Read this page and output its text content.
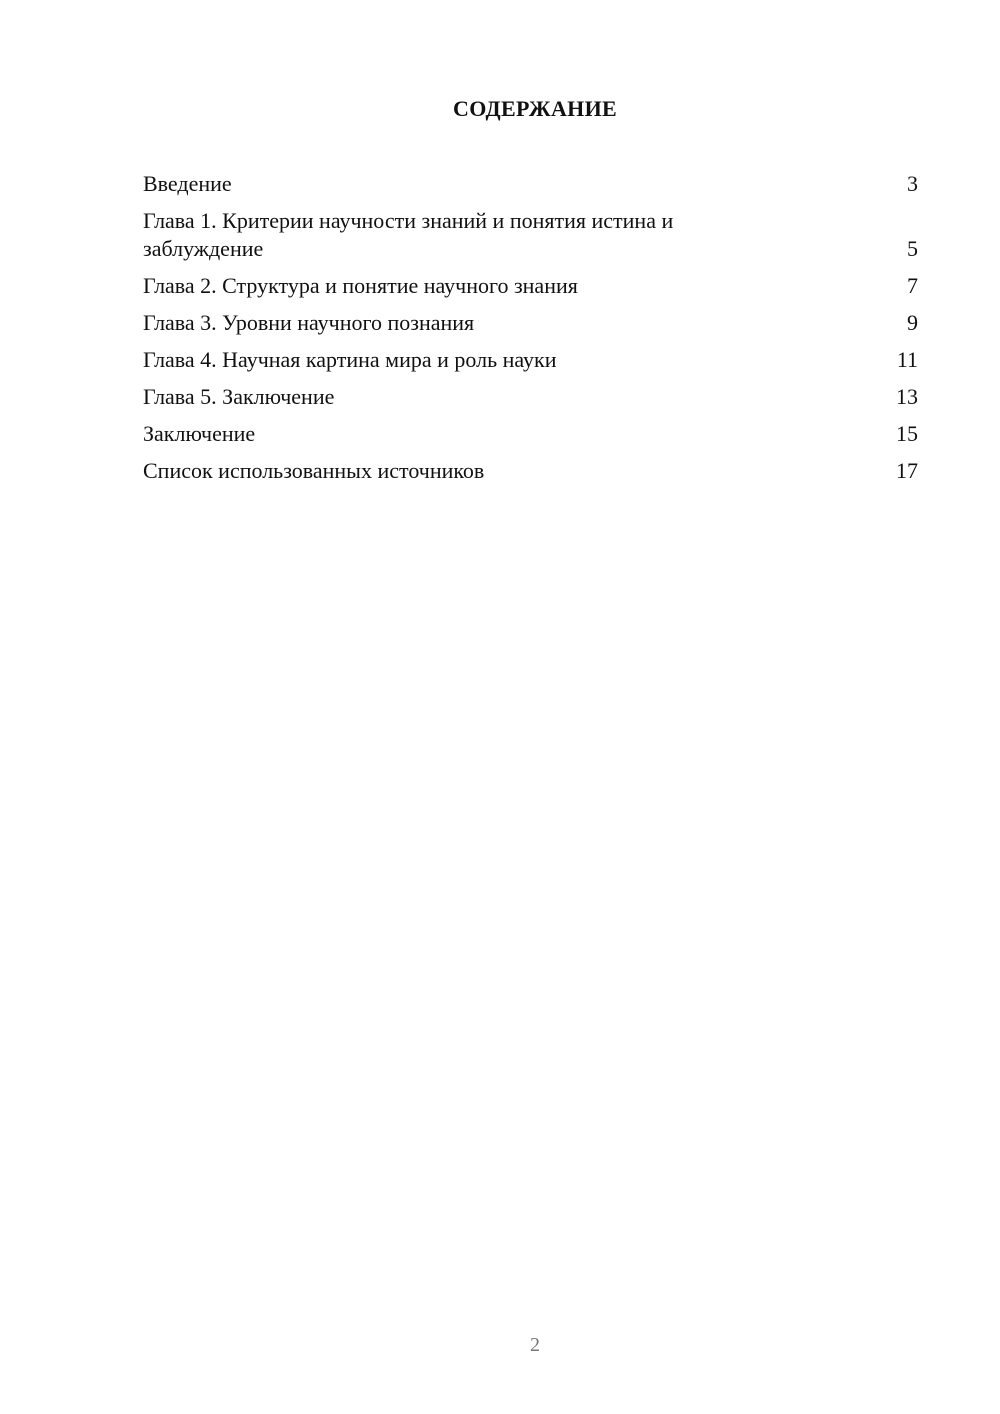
СОДЕРЖАНИЕ
Введение	3
Глава 1. Критерии научности знаний и понятия истина и заблуждение	5
Глава 2. Структура и понятие научного знания	7
Глава 3. Уровни научного познания	9
Глава 4. Научная картина мира и роль науки	11
Глава 5. Заключение	13
Заключение	15
Список использованных источников	17
2
